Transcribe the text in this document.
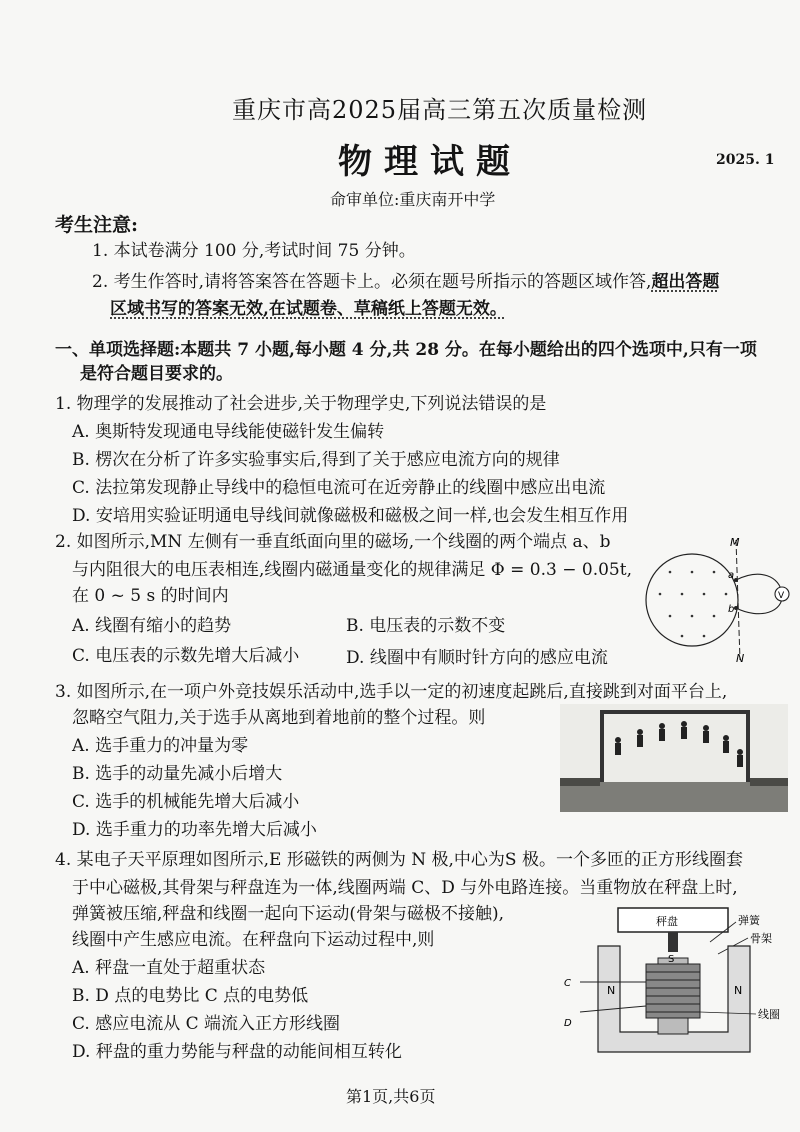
重庆市高2025届高三第五次质量检测
物理试题	2025. 1
命审单位:重庆南开中学
考生注意:
1. 本试卷满分 100 分,考试时间 75 分钟。
2. 考生作答时,请将答案答在答题卡上。必须在题号所指示的答题区域作答,超出答题
区域书写的答案无效,在试题卷、草稿纸上答题无效。
一、单项选择题:本题共 7 小题,每小题 4 分,共 28 分。在每小题给出的四个选项中,只有一项
是符合题目要求的。
1. 物理学的发展推动了社会进步,关于物理学史,下列说法错误的是
A. 奥斯特发现通电导线能使磁针发生偏转
B. 楞次在分析了许多实验事实后,得到了关于感应电流方向的规律
C. 法拉第发现静止导线中的稳恒电流可在近旁静止的线圈中感应出电流
D. 安培用实验证明通电导线间就像磁极和磁极之间一样,也会发生相互作用
2. 如图所示,MN 左侧有一垂直纸面向里的磁场,一个线圈的两个端点 a、b
与内阻很大的电压表相连,线圈内磁通量变化的规律满足 Φ = 0.3 − 0.05t,
在 0 ~ 5 s 的时间内
A. 线圈有缩小的趋势	B. 电压表的示数不变
C. 电压表的示数先增大后减小	D. 线圈中有顺时针方向的感应电流
M
N
a
b
V
3. 如图所示,在一项户外竞技娱乐活动中,选手以一定的初速度起跳后,直接跳到对面平台上,
忽略空气阻力,关于选手从离地到着地前的整个过程。则
A. 选手重力的冲量为零
B. 选手的动量先减小后增大
C. 选手的机械能先增大后减小
D. 选手重力的功率先增大后减小
4. 某电子天平原理如图所示,E 形磁铁的两侧为 N 极,中心为S 极。一个多匝的正方形线圈套
于中心磁极,其骨架与秤盘连为一体,线圈两端 C、D 与外电路连接。当重物放在秤盘上时,
弹簧被压缩,秤盘和线圈一起向下运动(骨架与磁极不接触),
线圈中产生感应电流。在秤盘向下运动过程中,则
A. 秤盘一直处于超重状态
B. D 点的电势比 C 点的电势低
C. 感应电流从 C 端流入正方形线圈
D. 秤盘的重力势能与秤盘的动能间相互转化
秤盘	弹簧
骨架
N	N
S
C
D
线圈
第1页,共6页
